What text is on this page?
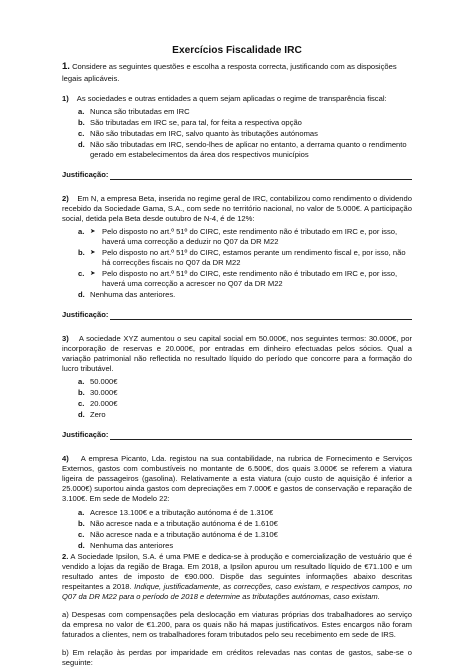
Exercícios Fiscalidade IRC
1. Considere as seguintes questões e escolha a resposta correcta, justificando com as disposições legais aplicáveis.
1) As sociedades e outras entidades a quem sejam aplicadas o regime de transparência fiscal:
a. Nunca são tributadas em IRC
b. São tributadas em IRC se, para tal, for feita a respectiva opção
c. Não são tributadas em IRC, salvo quanto às tributações autónomas
d. Não são tributadas em IRC, sendo-lhes de aplicar no entanto, a derrama quanto o rendimento gerado em estabelecimentos da área dos respectivos municípios
Justificação:
2) Em N, a empresa Beta, inserida no regime geral de IRC, contabilizou como rendimento o dividendo recebido da Sociedade Gama, S.A., com sede no território nacional, no valor de 5.000€. A participação social, detida pela Beta desde outubro de N-4, é de 12%:
a. ➤ Pelo disposto no art.º 51º do CIRC, este rendimento não é tributado em IRC e, por isso, haverá uma correcção a deduzir no Q07 da DR M22
b. ➤ Pelo disposto no art.º 51º do CIRC, estamos perante um rendimento fiscal e, por isso, não há correcções fiscais no Q07 da DR M22
c. ➤ Pelo disposto no art.º 51º do CIRC, este rendimento não é tributado em IRC e, por isso, haverá uma correcção a acrescer no Q07 da DR M22
d. Nenhuma das anteriores.
Justificação:
3) A sociedade XYZ aumentou o seu capital social em 50.000€, nos seguintes termos: 30.000€, por incorporação de reservas e 20.000€, por entradas em dinheiro efectuadas pelos sócios. Qual a variação patrimonial não reflectida no resultado líquido do período que concorre para a formação do lucro tributável.
a. 50.000€
b. 30.000€
c. 20.000€
d. Zero
Justificação:
4) A empresa Picanto, Lda. registou na sua contabilidade, na rubrica de Fornecimento e Serviços Externos, gastos com combustíveis no montante de 6.500€, dos quais 3.000€ se referem a viatura ligeira de passageiros (gasolina). Relativamente a esta viatura (cujo custo de aquisição é inferior a 25.000€) suportou ainda gastos com depreciações em 7.000€ e gastos de conservação e reparação de 3.100€. Em sede de Modelo 22:
a. Acresce 13.100€ e a tributação autónoma é de 1.310€
b. Não acresce nada e a tributação autónoma é de 1.610€
c. Não acresce nada e a tributação autónoma é de 1.310€
d. Nenhuma das anteriores
2. A Sociedade Ipsilon, S.A. é uma PME e dedica-se à produção e comercialização de vestuário que é vendido a lojas da região de Braga. Em 2018, a Ipsilon apurou um resultado líquido de €71.100 e um resultado antes de imposto de €90.000. Dispõe das seguintes informações abaixo descritas respeitantes a 2018. Indique, justificadamente, as correcções, caso existam, e respectivos campos, no Q07 da DR M22 para o período de 2018 e determine as tributações autónomas, caso existam.
a) Despesas com compensações pela deslocação em viaturas próprias dos trabalhadores ao serviço da empresa no valor de €1.200, para os quais não há mapas justificativos. Estes encargos não foram faturados a clientes, nem os trabalhadores foram tributados pelo seu recebimento em sede de IRS.
b) Em relação às perdas por imparidade em créditos relevadas nas contas de gastos, sabe-se o seguinte:
